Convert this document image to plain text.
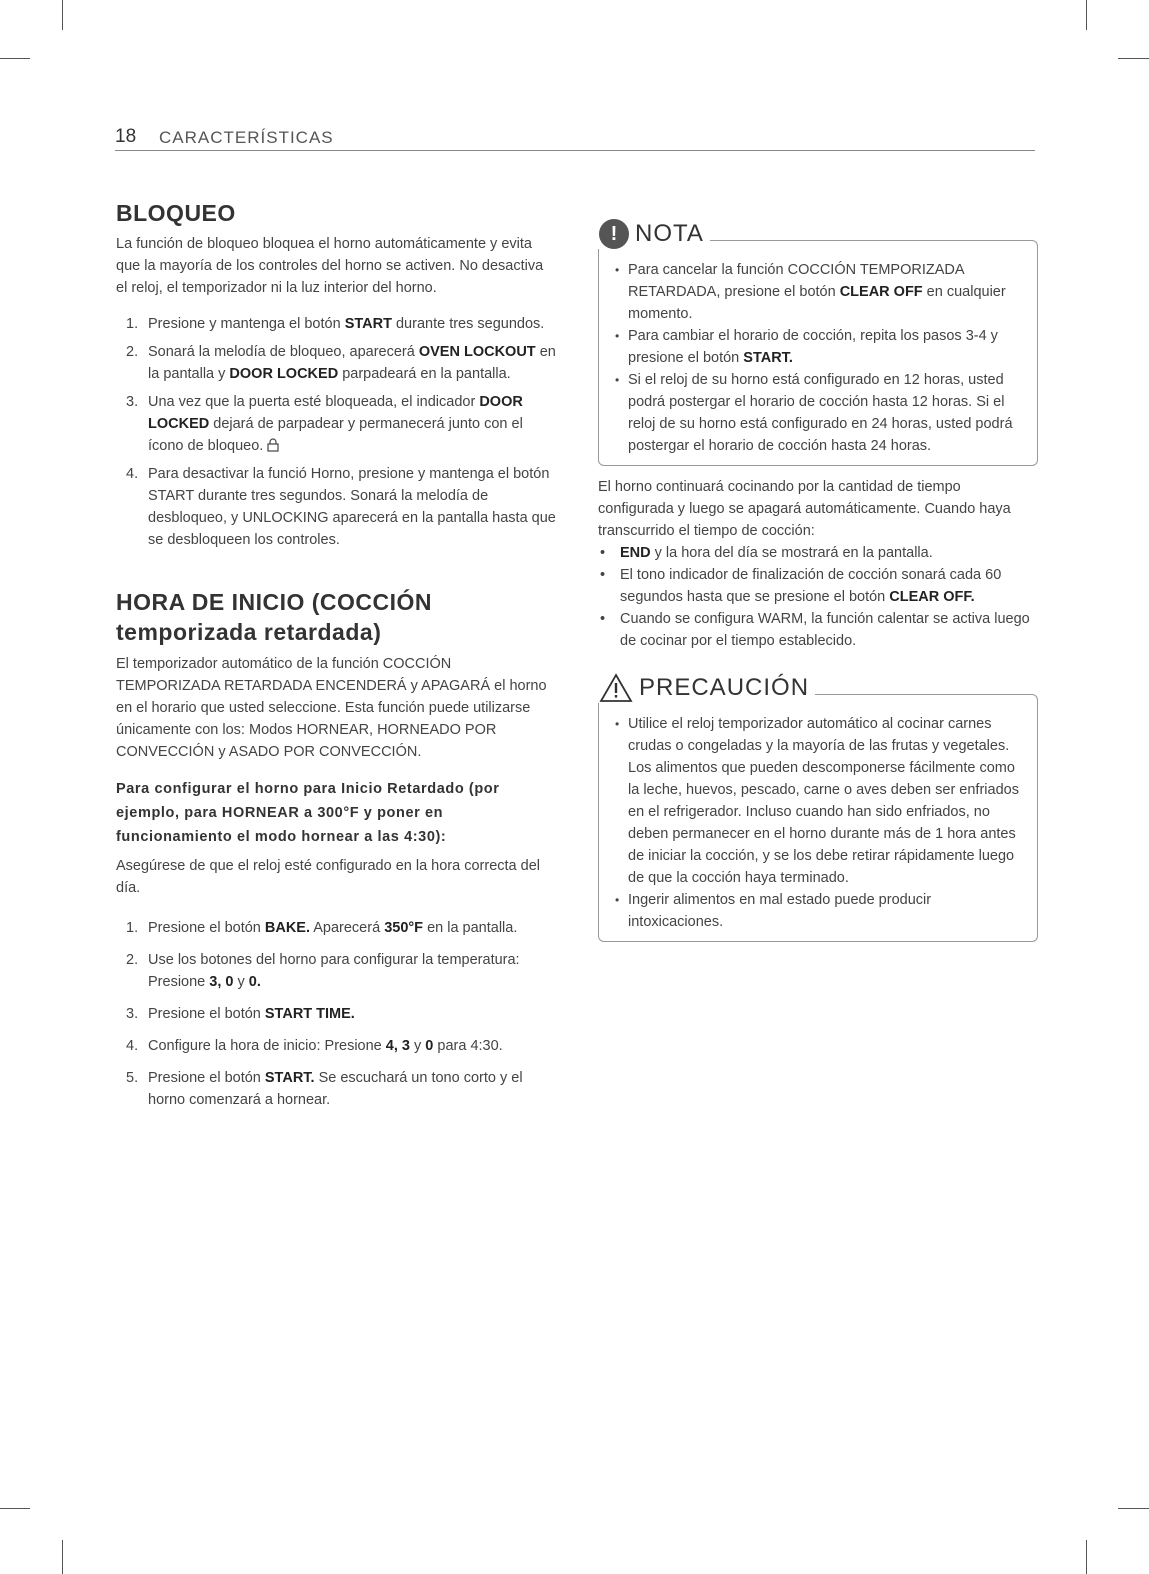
18 CARACTERÍSTICAS
BLOQUEO

La función de bloqueo bloquea el horno automáticamente y evita que la mayoría de los controles del horno se activen. No desactiva el reloj, el temporizador ni la luz interior del horno.

1. Presione y mantenga el botón START durante tres segundos.
2. Sonará la melodía de bloqueo, aparecerá OVEN LOCKOUT en la pantalla y DOOR LOCKED parpadeará en la pantalla.
3. Una vez que la puerta esté bloqueada, el indicador DOOR LOCKED dejará de parpadear y permanecerá junto con el ícono de bloqueo.
4. Para desactivar la funció Horno, presione y mantenga el botón START durante tres segundos. Sonará la melodía de desbloqueo, y UNLOCKING aparecerá en la pantalla hasta que se desbloqueen los controles.
HORA DE INICIO (COCCIÓN
temporizada retardada)

El temporizador automático de la función COCCIÓN TEMPORIZADA RETARDADA ENCENDERÁ y APAGARÁ el horno en el horario que usted seleccione. Esta función puede utilizarse únicamente con los: Modos HORNEAR, HORNEADO POR CONVECCIÓN y ASADO POR CONVECCIÓN.

Para configurar el horno para Inicio Retardado (por ejemplo, para HORNEAR a 300°F y poner en funcionamiento el modo hornear a las 4:30):

Asegúrese de que el reloj esté configurado en la hora correcta del día.

1. Presione el botón BAKE. Aparecerá 350°F en la pantalla.
2. Use los botones del horno para configurar la temperatura: Presione 3, 0 y 0.
3. Presione el botón START TIME.
4. Configure la hora de inicio: Presione 4, 3 y 0 para 4:30.
5. Presione el botón START. Se escuchará un tono corto y el horno comenzará a hornear.
! NOTA
• Para cancelar la función COCCIÓN TEMPORIZADA RETARDADA, presione el botón CLEAR OFF en cualquier momento.
• Para cambiar el horario de cocción, repita los pasos 3-4 y presione el botón START.
• Si el reloj de su horno está configurado en 12 horas, usted podrá postergar el horario de cocción hasta 12 horas. Si el reloj de su horno está configurado en 24 horas, usted podrá postergar el horario de cocción hasta 24 horas.

El horno continuará cocinando por la cantidad de tiempo configurada y luego se apagará automáticamente. Cuando haya transcurrido el tiempo de cocción:

• END y la hora del día se mostrará en la pantalla.
• El tono indicador de finalización de cocción sonará cada 60 segundos hasta que se presione el botón CLEAR OFF.
• Cuando se configura WARM, la función calentar se activa luego de cocinar por el tiempo establecido.
PRECAUCIÓN
• Utilice el reloj temporizador automático al cocinar carnes crudas o congeladas y la mayoría de las frutas y vegetales. Los alimentos que pueden descomponerse fácilmente como la leche, huevos, pescado, carne o aves deben ser enfriados en el refrigerador. Incluso cuando han sido enfriados, no deben permanecer en el horno durante más de 1 hora antes de iniciar la cocción, y se los debe retirar rápidamente luego de que la cocción haya terminado.
• Ingerir alimentos en mal estado puede producir intoxicaciones.
